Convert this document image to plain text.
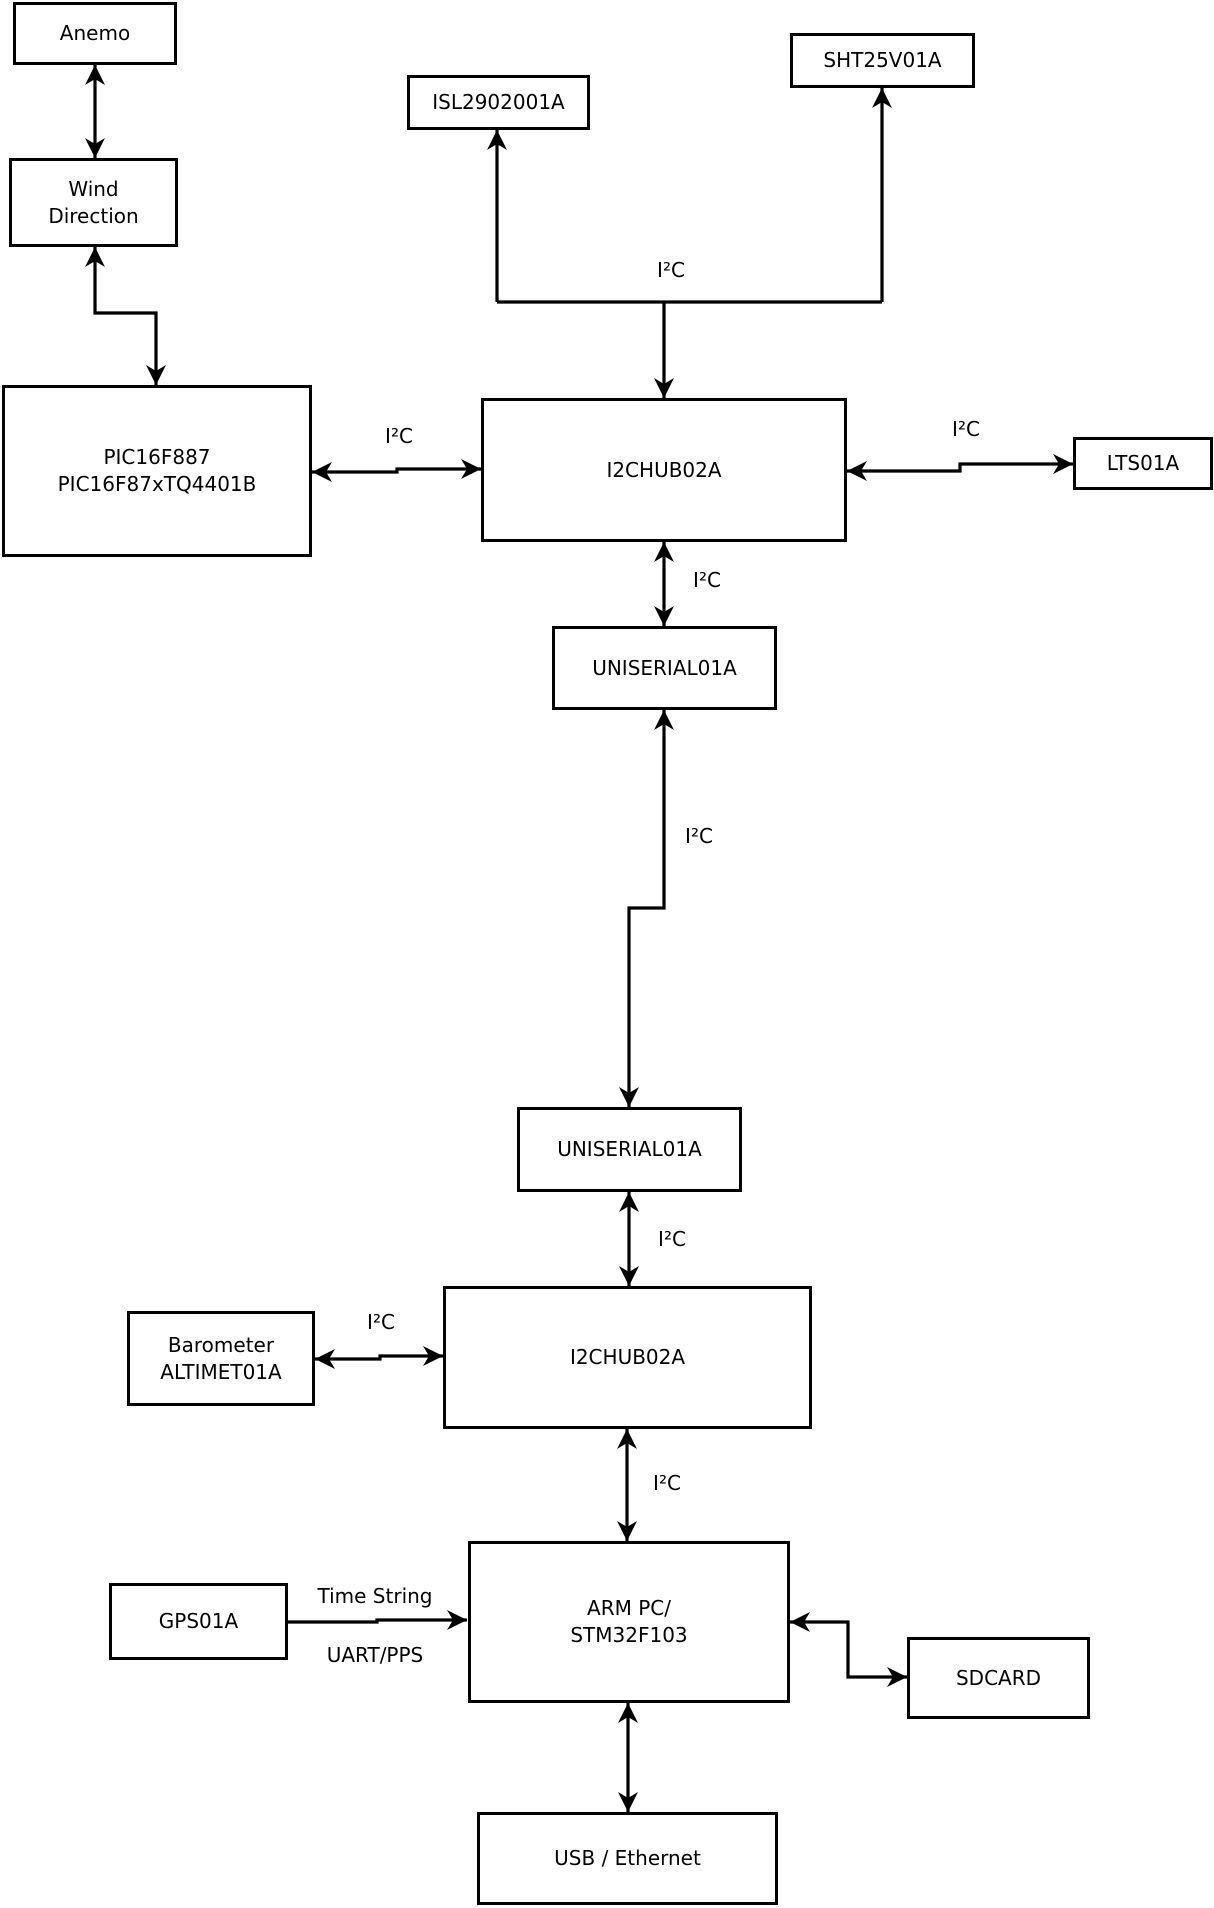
Anemo
Wind
Direction
PIC16F887
PIC16F87xTQ4401B
ISL2902001A
SHT25V01A
I2CHUB02A	LTS01A
UNISERIAL01A
UNISERIAL01A
Barometer
ALTIMET01A
I2CHUB02A
GPS01A
ARM PC/
STM32F103
SDCARD
USB / Ethernet
I²C
I²C	I²C
I²C
I²C
I²C
I²C
I²C
Time String
UART/PPS
